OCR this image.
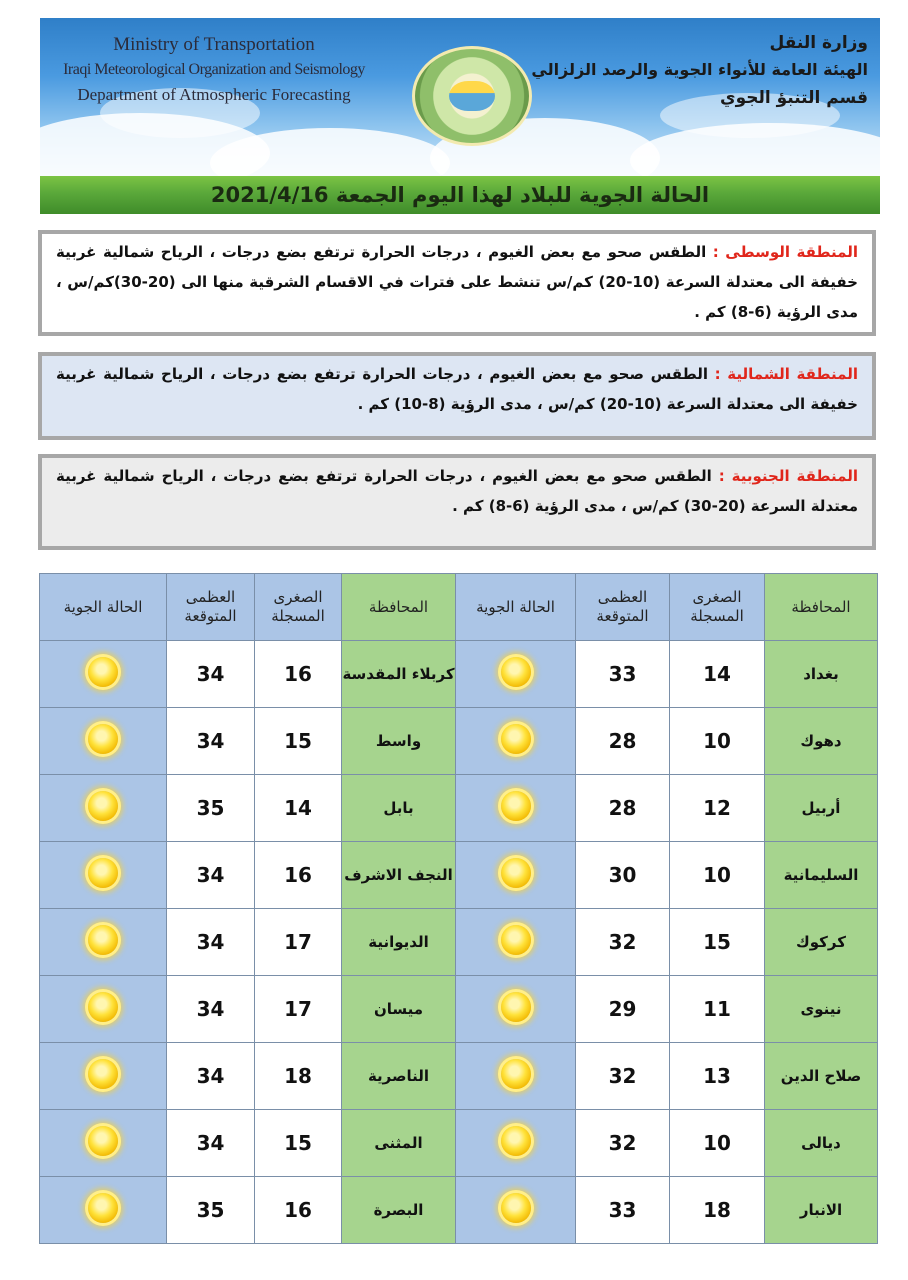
Ministry of Transportation
Iraqi Meteorological Organization and Seismology
Department of Atmospheric Forecasting
وزارة النقل
الهيئة العامة للأنواء الجوية والرصد الزلزالي
قسم التنبؤ الجوي
الحالة الجوية للبلاد لهذا اليوم الجمعة 2021/4/16
المنطقة الوسطى : الطقس صحو مع بعض الغيوم ، درجات الحرارة ترتفع بضع درجات ، الرياح شمالية غربية خفيفة الى معتدلة السرعة (10-20) كم/س تنشط على فترات في الاقسام الشرقية منها الى (20-30)كم/س ، مدى الرؤية (6-8) كم .
المنطقة الشمالية : الطقس صحو مع بعض الغيوم ، درجات الحرارة ترتفع بضع درجات ، الرياح شمالية غربية خفيفة الى معتدلة السرعة (10-20) كم/س ، مدى الرؤية (8-10) كم .
المنطقة الجنوبية : الطقس صحو مع بعض الغيوم ، درجات الحرارة ترتفع بضع درجات ، الرياح شمالية غربية معتدلة السرعة (20-30) كم/س ، مدى الرؤية (6-8) كم .
المحافظة	الصغرى المسجلة	العظمى المتوقعة	الحالة الجوية	المحافظة	الصغرى المسجلة	العظمى المتوقعة	الحالة الجوية
بغداد	14	33		كربلاء المقدسة	16	34	
دهوك	10	28		واسط	15	34	
أربيل	12	28		بابل	14	35	
السليمانية	10	30		النجف الاشرف	16	34	
كركوك	15	32		الديوانية	17	34	
نينوى	11	29		ميسان	17	34	
صلاح الدين	13	32		الناصرية	18	34	
ديالى	10	32		المثنى	15	34	
الانبار	18	33		البصرة	16	35	
